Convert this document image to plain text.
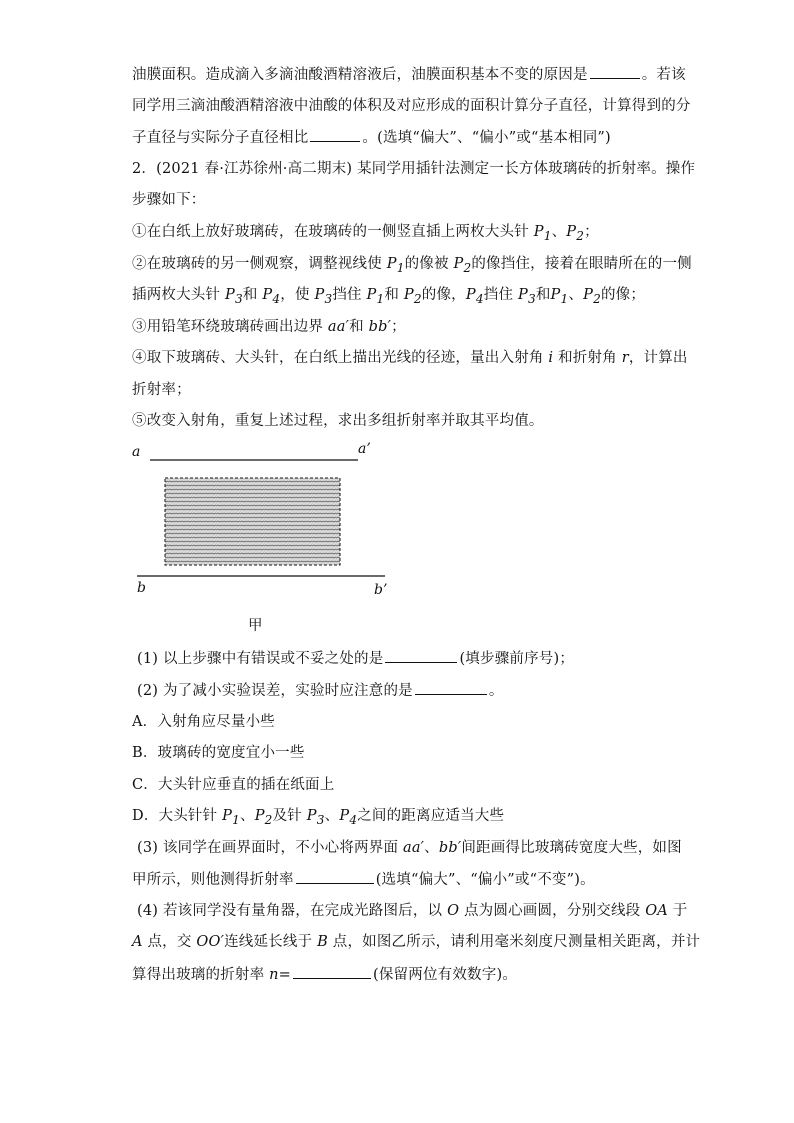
油膜面积。造成滴入多滴油酸酒精溶液后，油膜面积基本不变的原因是	。若该
同学用三滴油酸酒精溶液中油酸的体积及对应形成的面积计算分子直径，计算得到的分
子直径与实际分子直径相比	。(选填“偏大”、“偏小”或“基本相同”)
2．(2021 春·江苏徐州·高二期末) 某同学用插针法测定一长方体玻璃砖的折射率。操作
步骤如下：
①在白纸上放好玻璃砖，在玻璃砖的一侧竖直插上两枚大头针 $P_1$、$P_2$；
②在玻璃砖的另一侧观察，调整视线使 $P_1$的像被 $P_2$的像挡住，接着在眼睛所在的一侧
插两枚大头针 $P_3$和 $P_4$，使 $P_3$挡住 $P_1$和 $P_2$的像，$P_4$挡住 $P_3$和$P_1$、$P_2$的像；
③用铅笔环绕玻璃砖画出边界 aa′和 bb′；
④取下玻璃砖、大头针，在白纸上描出光线的径迹，量出入射角 i 和折射角 r，计算出
折射率；
⑤改变入射角，重复上述过程，求出多组折射率并取其平均值。
a	a’
b	b’
甲
(1) 以上步骤中有错误或不妥之处的是	(填步骤前序号)；
(2) 为了减小实验误差，实验时应注意的是	。
A．入射角应尽量小些
B．玻璃砖的宽度宜小一些
C．大头针应垂直的插在纸面上
D．大头针针 $P_1$、$P_2$及针 $P_3$、$P_4$之间的距离应适当大些
(3) 该同学在画界面时，不小心将两界面 aa′、bb′间距画得比玻璃砖宽度大些，如图
甲所示，则他测得折射率	(选填“偏大”、“偏小”或“不变”)。
(4) 若该同学没有量角器，在完成光路图后，以 O 点为圆心画圆，分别交线段 OA 于
A 点，交 OO′连线延长线于 B 点，如图乙所示，请利用毫米刻度尺测量相关距离，并计
算得出玻璃的折射率 n=	(保留两位有效数字)。
